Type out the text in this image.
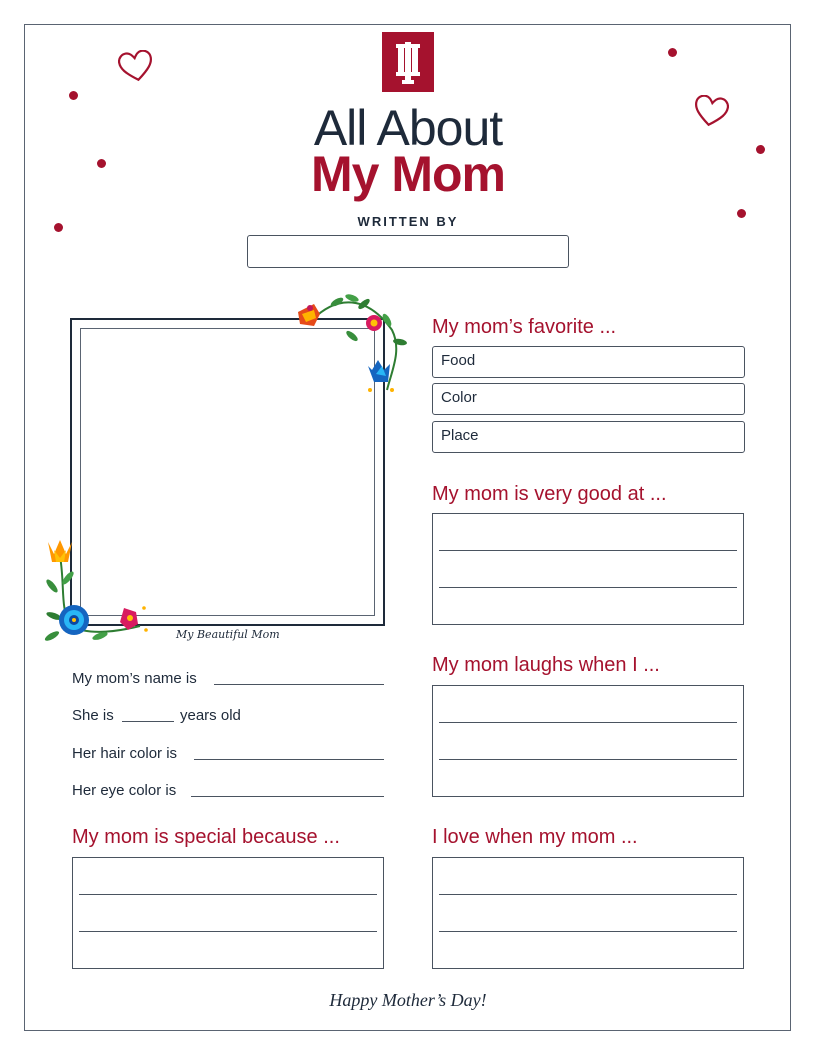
All About
My Mom
WRITTEN BY
My Beautiful Mom
My mom’s name is
She is	years old
Her hair color is
Her eye color is
My mom’s favorite ...
Food
Color
Place
My mom is very good at ...
My mom laughs when I ...
My mom is special because ...	I love when my mom ...
Happy Mother’s Day!
